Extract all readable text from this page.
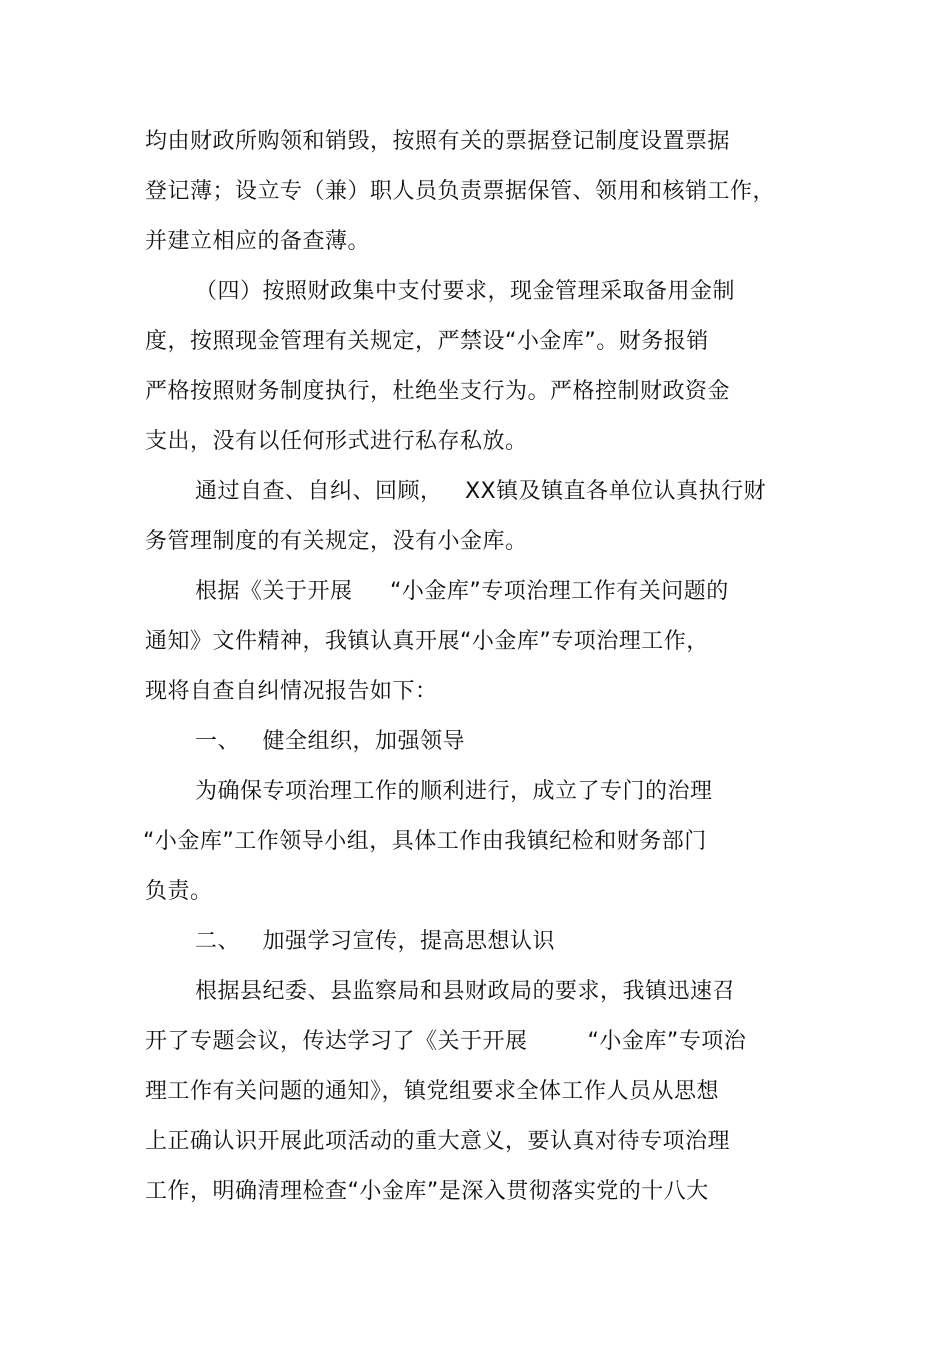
均由财政所购领和销毁，按照有关的票据登记制度设置票据
登记薄；设立专（兼）职人员负责票据保管、领用和核销工作，
并建立相应的备查薄。
（四）按照财政集中支付要求，现金管理采取备用金制
度，按照现金管理有关规定，严禁设“小金库”。财务报销
严格按照财务制度执行，杜绝坐支行为。严格控制财政资金
支出，没有以任何形式进行私存私放。
通过自查、自纠、回顾，   XX镇及镇直各单位认真执行财
务管理制度的有关规定，没有小金库。
根据《关于开展     “小金库”专项治理工作有关问题的
通知》文件精神，我镇认真开展“小金库”专项治理工作，
现将自查自纠情况报告如下：
一、   健全组织，加强领导
为确保专项治理工作的顺利进行，成立了专门的治理
“小金库”工作领导小组，具体工作由我镇纪检和财务部门
负责。
二、   加强学习宣传，提高思想认识
根据县纪委、县监察局和县财政局的要求，我镇迅速召
开了专题会议，传达学习了《关于开展        “小金库”专项治
理工作有关问题的通知》，镇党组要求全体工作人员从思想
上正确认识开展此项活动的重大意义，要认真对待专项治理
工作，明确清理检查“小金库”是深入贯彻落实党的十八大
